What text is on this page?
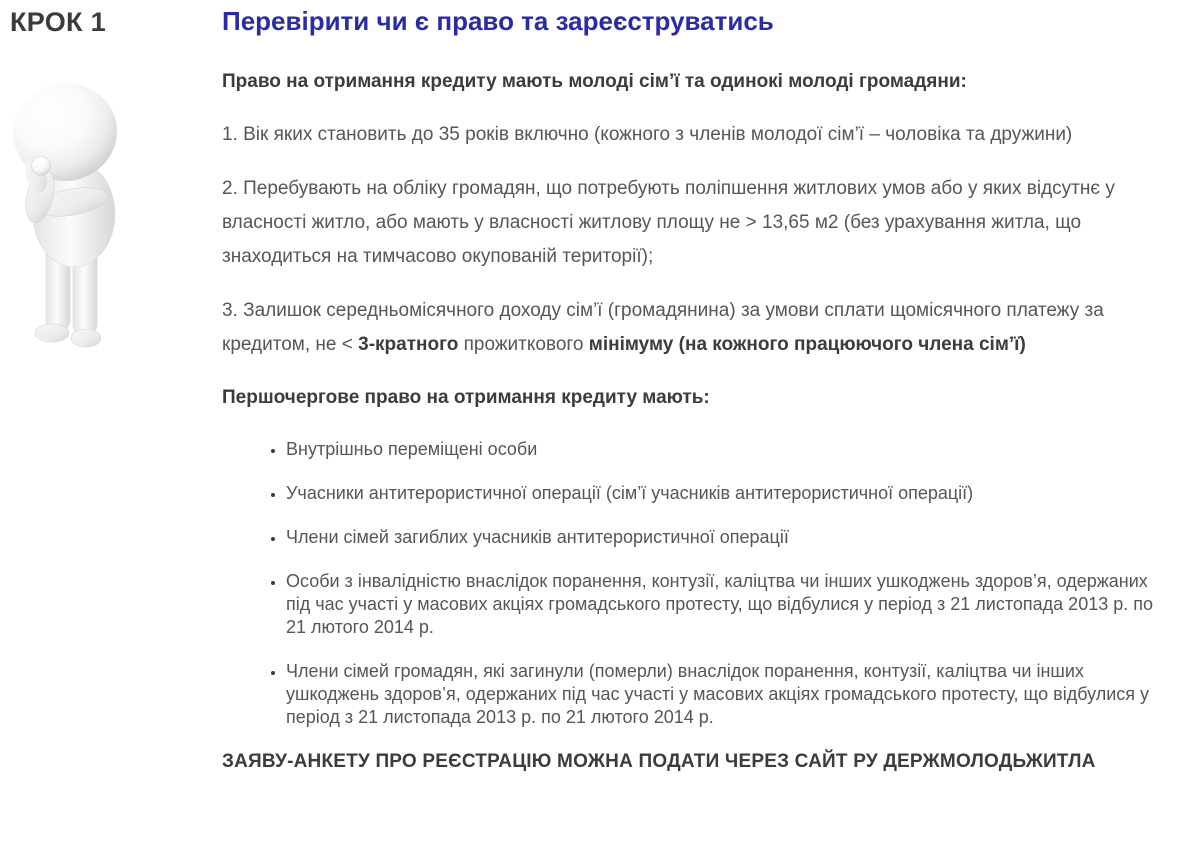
КРОК 1	Перевірити чи є право та зареєструватись

Право на отримання кредиту мають молоді сім’ї та одинокі молоді громадяни:

1. Вік яких становить до 35 років включно (кожного з членів молодої сім’ї – чоловіка та дружини)

2. Перебувають на обліку громадян, що потребують поліпшення житлових умов або у яких відсутнє у власності житло, або мають у власності житлову площу не > 13,65 м2 (без урахування житла, що знаходиться на тимчасово окупованій території);

3. Залишок середньомісячного доходу сім’ї (громадянина) за умови сплати щомісячного платежу за кредитом, не < 3-кратного прожиткового мінімуму (на кожного працюючого члена сім’ї)

Першочергове право на отримання кредиту мають:

• Внутрішньо переміщені особи
• Учасники антитерористичної операції (сім’ї учасників антитерористичної операції)
• Члени сімей загиблих учасників антитерористичної операції
• Особи з інвалідністю внаслідок поранення, контузії, каліцтва чи інших ушкоджень здоров’я, одержаних під час участі у масових акціях громадського протесту, що відбулися у період з 21 листопада 2013 р. по 21 лютого 2014 р.
• Члени сімей громадян, які загинули (померли) внаслідок поранення, контузії, каліцтва чи інших ушкоджень здоров’я, одержаних під час участі у масових акціях громадського протесту, що відбулися у період з 21 листопада 2013 р. по 21 лютого 2014 р.

ЗАЯВУ-АНКЕТУ ПРО РЕЄСТРАЦІЮ МОЖНА ПОДАТИ ЧЕРЕЗ САЙТ РУ ДЕРЖМОЛОДЬЖИТЛА
